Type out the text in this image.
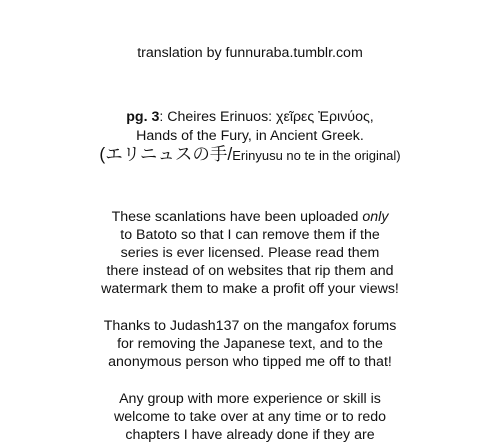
translation by funnuraba.tumblr.com
pg. 3: Cheires Erinuos: χεῖρες Ἐρινύος,
Hands of the Fury, in Ancient Greek.
(エリニュスの手/Erinyusu no te in the original)
These scanlations have been uploaded only
to Batoto so that I can remove them if the
series is ever licensed. Please read them
there instead of on websites that rip them and
watermark them to make a profit off your views!
Thanks to Judash137 on the mangafox forums
for removing the Japanese text, and to the
anonymous person who tipped me off to that!
Any group with more experience or skill is
welcome to take over at any time or to redo
chapters I have already done if they are
